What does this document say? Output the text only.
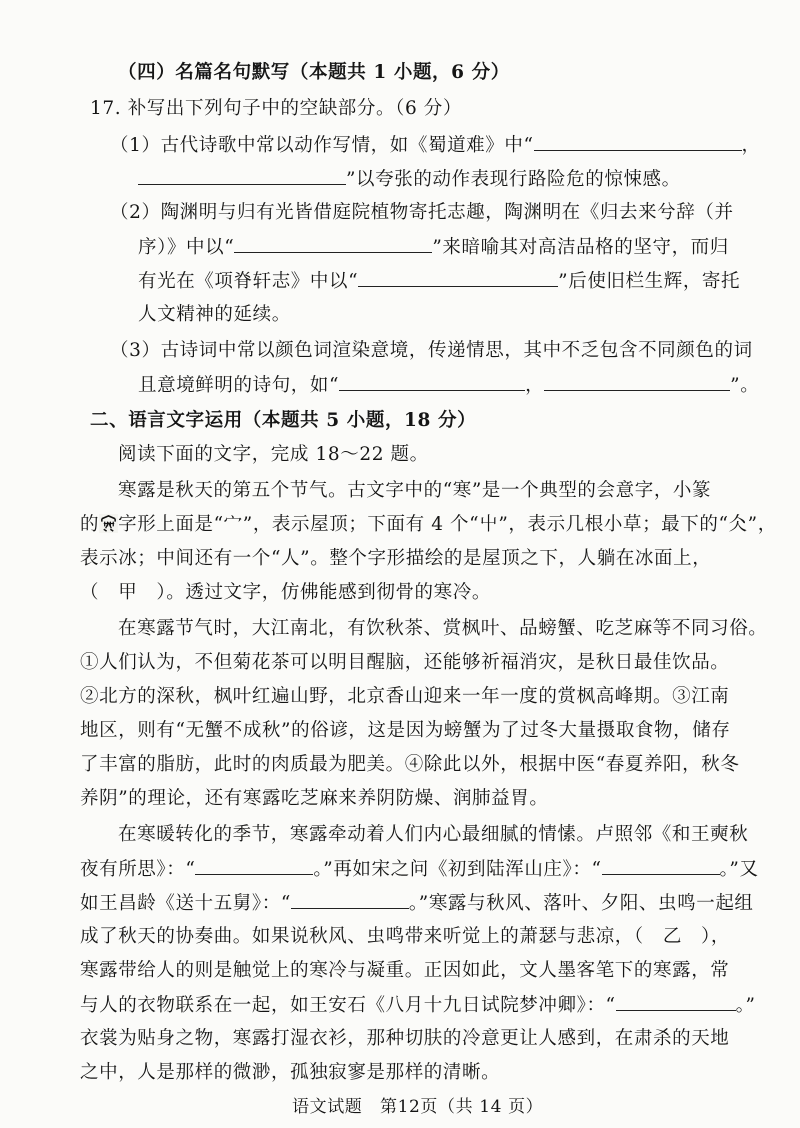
（四）名篇名句默写（本题共 1 小题，6 分）
17. 补写出下列句子中的空缺部分。（6 分）
（1）古代诗歌中常以动作写情，如《蜀道难》中“	，
”以夸张的动作表现行路险危的惊悚感。
（2）陶渊明与归有光皆借庭院植物寄托志趣，陶渊明在《归去来兮辞（并
序）》中以“	”来暗喻其对高洁品格的坚守，而归
有光在《项脊轩志》中以“	”后使旧栏生辉，寄托
人文精神的延续。
（3）古诗词中常以颜色词渲染意境，传递情思，其中不乏包含不同颜色的词
且意境鲜明的诗句，如“	，	”。
二、语言文字运用（本题共 5 小题，18 分）
阅读下面的文字，完成 18～22 题。
寒露是秋天的第五个节气。古文字中的“寒”是一个典型的会意字，小篆
的 字形上面是“宀”，表示屋顶；下面有 4 个“屮”，表示几根小草；最下的“仌”，
表示冰；中间还有一个“人”。整个字形描绘的是屋顶之下，人躺在冰面上，
（　甲　）。透过文字，仿佛能感到彻骨的寒冷。
在寒露节气时，大江南北，有饮秋茶、赏枫叶、品螃蟹、吃芝麻等不同习俗。
①人们认为，不但菊花茶可以明目醒脑，还能够祈福消灾，是秋日最佳饮品。
②北方的深秋，枫叶红遍山野，北京香山迎来一年一度的赏枫高峰期。③江南
地区，则有“无蟹不成秋”的俗谚，这是因为螃蟹为了过冬大量摄取食物，储存
了丰富的脂肪，此时的肉质最为肥美。④除此以外，根据中医“春夏养阳，秋冬
养阴”的理论，还有寒露吃芝麻来养阴防燥、润肺益胃。
在寒暖转化的季节，寒露牵动着人们内心最细腻的情愫。卢照邻《和王奭秋
夜有所思》：“	。”再如宋之问《初到陆浑山庄》：“	。”又
如王昌龄《送十五舅》：“	。”寒露与秋风、落叶、夕阳、虫鸣一起组
成了秋天的协奏曲。如果说秋风、虫鸣带来听觉上的萧瑟与悲凉，（　乙　），
寒露带给人的则是触觉上的寒冷与凝重。正因如此，文人墨客笔下的寒露，常
与人的衣物联系在一起，如王安石《八月十九日试院梦冲卿》：“	。”
衣裳为贴身之物，寒露打湿衣衫，那种切肤的冷意更让人感到，在肃杀的天地
之中，人是那样的微渺，孤独寂寥是那样的清晰。
语文试题　第12页（共 14 页）
